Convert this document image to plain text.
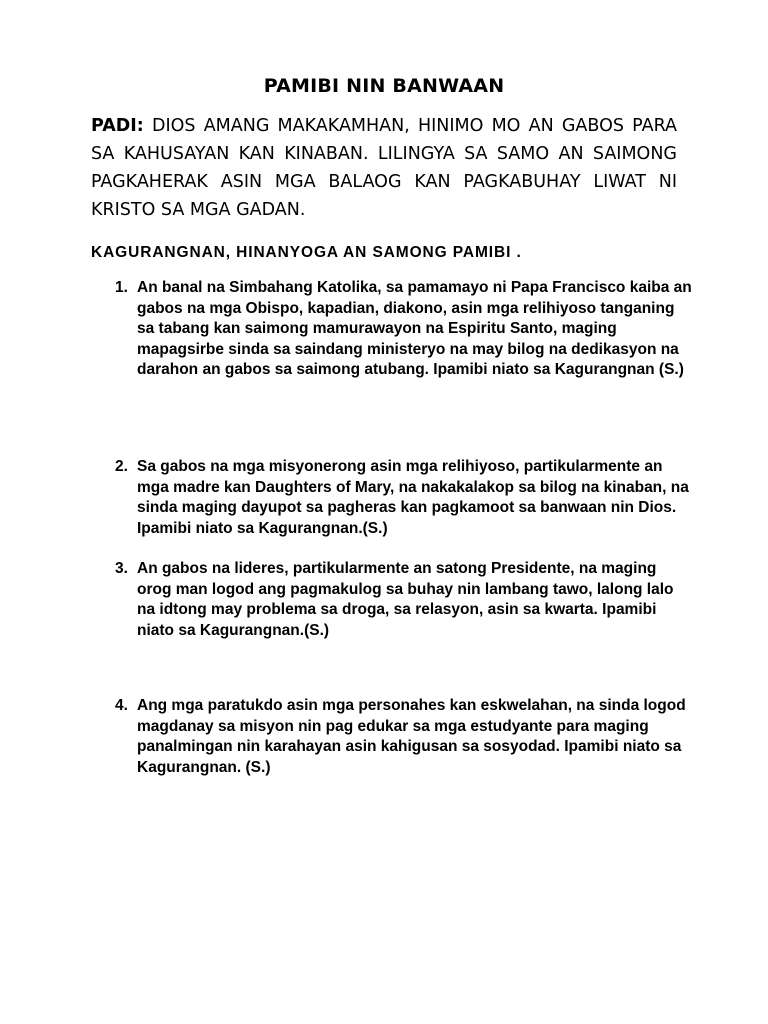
PAMIBI NIN BANWAAN
PADI: DIOS AMANG MAKAKAMHAN, HINIMO MO AN GABOS PARA SA KAHUSAYAN KAN KINABAN. LILINGYA SA SAMO AN SAIMONG PAGKAHERAK ASIN MGA BALAOG KAN PAGKABUHAY LIWAT NI KRISTO SA MGA GADAN.
KAGURANGNAN, HINANYOGA AN SAMONG PAMIBI .
1. An banal na Simbahang Katolika, sa pamamayo ni Papa Francisco kaiba an gabos na mga Obispo, kapadian, diakono, asin mga relihiyoso tanganing sa tabang kan saimong mamurawayon na Espiritu Santo, maging mapagsirbe sinda sa saindang ministeryo na may bilog na dedikasyon na darahon an gabos sa saimong atubang. Ipamibi niato sa Kagurangnan (S.)
2. Sa gabos na mga misyonerong asin mga relihiyoso, partikularmente an mga madre kan Daughters of Mary, na nakakalakop sa bilog na kinaban, na sinda maging dayupot sa pagheras kan pagkamoot sa banwaan nin Dios. Ipamibi niato sa Kagurangnan.(S.)
3. An gabos na lideres, partikularmente an satong Presidente, na maging orog man logod ang pagmakulog sa buhay nin lambang tawo, lalong lalo na idtong may problema sa droga, sa relasyon, asin sa kwarta. Ipamibi niato sa Kagurangnan.(S.)
4. Ang mga paratukdo asin mga personahes kan eskwelahan, na sinda logod magdanay sa misyon nin pag edukar sa mga estudyante para maging panalmingan nin karahayan asin kahigusan sa sosyodad. Ipamibi niato sa Kagurangnan. (S.)
